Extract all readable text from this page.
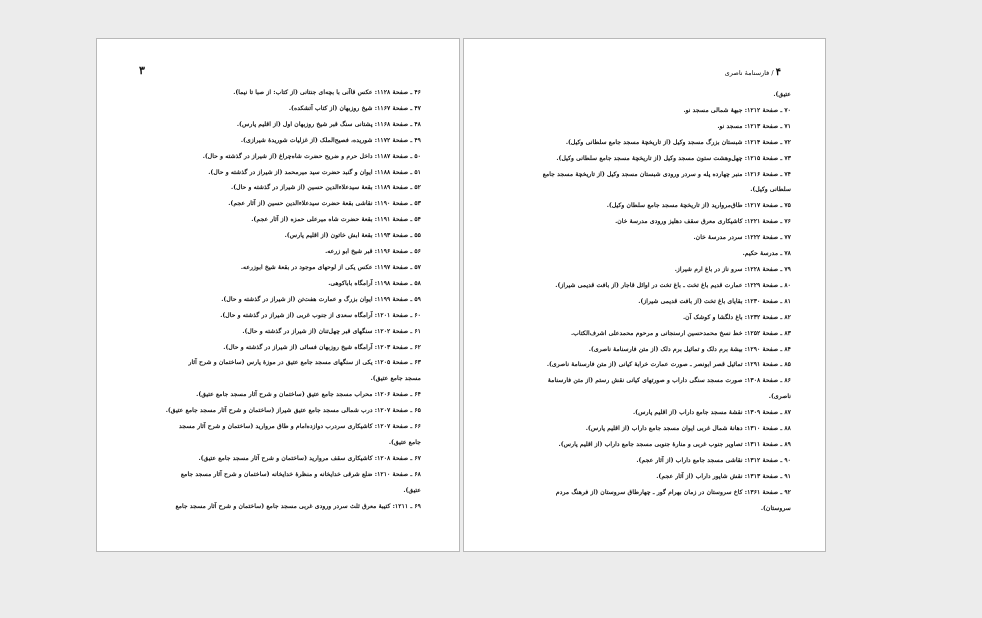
۳
۴۶ ـ صفحهٔ ۱۱۲۸: عکس قاآنی با بچه‌ای جنتانی (از کتاب: از صبا تا نیما).
۴۷ ـ صفحهٔ ۱۱۶۷: شیخ روزبهان (از کتاب آتشکده).
۴۸ ـ صفحهٔ ۱۱۶۸: پشتانی سنگ قبر شیخ روزبهان اول (از اقلیم پارس).
۴۹ ـ صفحهٔ ۱۱۷۲: شوریده، فصیح‌الملک (از غزلیات شوریدهٔ شیرازی).
۵۰ ـ صفحهٔ ۱۱۸۷: داخل حرم و ضریح حضرت شاه‌چراغ (از شیراز در گذشته و حال).
۵۱ ـ صفحهٔ ۱۱۸۸: ایوان و گنبد حضرت سید میرمحمد (از شیراز در گذشته و حال).
۵۲ ـ صفحهٔ ۱۱۸۹: بقعهٔ سیدعلاءالدین حسین (از شیراز در گذشته و حال).
۵۳ ـ صفحهٔ ۱۱۹۰: نقاشی بقعهٔ حضرت سیدعلاءالدین حسین (از آثار عجم).
۵۴ ـ صفحهٔ ۱۱۹۱: بقعهٔ حضرت شاه میرعلی حمزه (از آثار عجم).
۵۵ ـ صفحهٔ ۱۱۹۳: بقعهٔ ابش خاتون (از اقلیم پارس).
۵۶ ـ صفحهٔ ۱۱۹۶: قبر شیخ ابو زرعه.
۵۷ ـ صفحهٔ ۱۱۹۷: عکس یکی از لوحهای موجود در بقعهٔ شیخ ابوزرعه.
۵۸ ـ صفحهٔ ۱۱۹۸: آرامگاه باباکوهی.
۵۹ ـ صفحهٔ ۱۱۹۹: ایوان بزرگ و عمارت هفت‌تن (از شیراز در گذشته و حال).
۶۰ ـ صفحهٔ ۱۲۰۱: آرامگاه سعدی از جنوب غربی (از شیراز در گذشته و حال).
۶۱ ـ صفحهٔ ۱۲۰۲: سنگهای قبر چهل‌تنان (از شیراز در گذشته و حال).
۶۲ ـ صفحهٔ ۱۲۰۳: آرامگاه شیخ روزبهان فسائی (از شیراز در گذشته و حال).
۶۳ ـ صفحهٔ ۱۲۰۵: یکی از سنگهای مسجد جامع عتیق در موزهٔ پارس (ساختمان و شرح آثار
مسجد جامع عتیق).
۶۴ ـ صفحهٔ ۱۲۰۶: محراب مسجد جامع عتیق (ساختمان و شرح آثار مسجد جامع عتیق).
۶۵ ـ صفحهٔ ۱۲۰۷: درب شمالی مسجد جامع عتیق شیراز (ساختمان و شرح آثار مسجد جامع عتیق).
۶۶ ـ صفحهٔ ۱۲۰۷: کاشیکاری سردرب دوازده‌امام و طاق مروارید (ساختمان و شرح آثار مسجد
جامع عتیق).
۶۷ ـ صفحهٔ ۱۲۰۸: کاشیکاری سقف مروارید (ساختمان و شرح آثار مسجد جامع عتیق).
۶۸ ـ صفحهٔ ۱۲۱۰: ضلع شرقی خدایخانه و منظرهٔ خدایخانه (ساختمان و شرح آثار مسجد جامع
عتیق).
۶۹ ـ ۱۲۱۱: کتیبهٔ معرق ثلث سردر ورودی غربی مسجد جامع (ساختمان و شرح آثار مسجد جامع
۴ / فارسنامهٔ ناصری
عتیق).
۷۰ ـ صفحهٔ ۱۲۱۲: جبههٔ شمالی مسجد نو.
۷۱ ـ صفحهٔ ۱۲۱۳: مسجد نو.
۷۲ ـ صفحهٔ ۱۲۱۴: شبستان بزرگ مسجد وکیل (از تاریخچهٔ مسجد جامع سلطانی وکیل).
۷۳ ـ صفحهٔ ۱۲۱۵: چهل‌وهشت ستون مسجد وکیل (از تاریخچهٔ مسجد جامع سلطانی وکیل).
۷۴ ـ صفحهٔ ۱۲۱۶: منبر چهارده پله و سردر ورودی شبستان مسجد وکیل (از تاریخچهٔ مسجد جامع
سلطانی وکیل).
۷۵ ـ صفحهٔ ۱۲۱۷: طاق‌مروارید (از تاریخچهٔ مسجد جامع سلطان وکیل).
۷۶ ـ صفحهٔ ۱۲۲۱: کاشیکاری معرق سقف دهلیز ورودی مدرسهٔ خان.
۷۷ ـ صفحهٔ ۱۲۲۲: سردر مدرسهٔ خان.
۷۸ ـ مدرسهٔ حکیم.
۷۹ ـ صفحهٔ ۱۲۲۸: سرو ناز در باغ ارم شیراز.
۸۰ ـ صفحهٔ ۱۲۲۹: عمارت قدیم باغ تخت ـ باغ تخت در اوائل قاجار (از بافت قدیمی شیراز).
۸۱ ـ صفحهٔ ۱۲۳۰: بقایای باغ تخت (از بافت قدیمی شیراز).
۸۲ ـ صفحهٔ ۱۲۳۲: باغ دلگشا و کوشک آن.
۸۳ ـ صفحهٔ ۱۲۵۲: خط نسخ محمدحسین ارسنجانی و مرحوم محمدعلی اشرف‌الکتاب.
۸۴ ـ صفحهٔ ۱۲۹۰: بیشهٔ برم دلک و تماثیل برم دلک (از متن فارسنامهٔ ناصری).
۸۵ ـ صفحهٔ ۱۲۹۱: تماثیل قصر ابونصر ـ صورت عمارت خرابهٔ کیانی (از متن فارسنامهٔ ناصری).
۸۶ ـ صفحهٔ ۱۳۰۸: صورت مسجد سنگی داراب و صورتهای کیانی نقش رستم (از متن فارسنامهٔ
ناصری).
۸۷ ـ صفحهٔ ۱۳۰۹: نقشهٔ مسجد جامع داراب (از اقلیم پارس).
۸۸ ـ صفحهٔ ۱۳۱۰: دهانهٔ شمال غربی ایوان مسجد جامع داراب (از اقلیم پارس).
۸۹ ـ صفحهٔ ۱۳۱۱: تصاویر جنوب غربی و منارهٔ جنوبی مسجد جامع داراب (از اقلیم پارس).
۹۰ ـ صفحهٔ ۱۳۱۲: نقاشی مسجد جامع داراب (از آثار عجم).
۹۱ ـ صفحهٔ ۱۳۱۳: نقش شاپور داراب (از آثار عجم).
۹۲ ـ صفحهٔ ۱۳۶۱: کاخ سروستان در زمان بهرام گور ـ چهارطاق سروستان (از فرهنگ مردم
سروستان).
